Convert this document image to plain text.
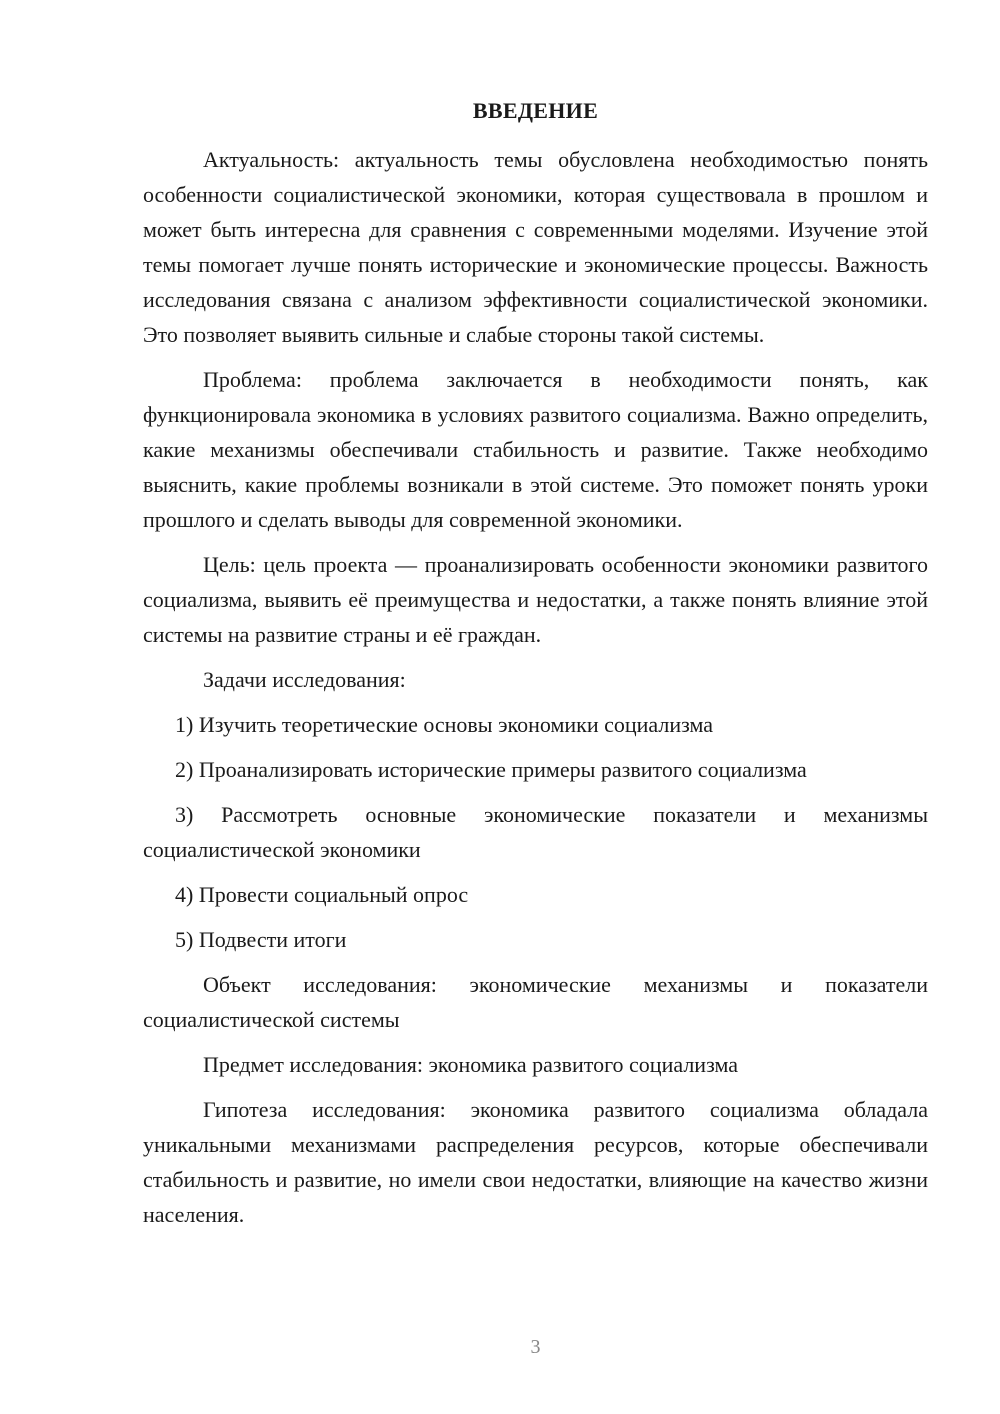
ВВЕДЕНИЕ

Актуальность: актуальность темы обусловлена необходимостью понять особенности социалистической экономики, которая существовала в прошлом и может быть интересна для сравнения с современными моделями. Изучение этой темы помогает лучше понять исторические и экономические процессы. Важность исследования связана с анализом эффективности социалистической экономики. Это позволяет выявить сильные и слабые стороны такой системы.

Проблема: проблема заключается в необходимости понять, как функционировала экономика в условиях развитого социализма. Важно определить, какие механизмы обеспечивали стабильность и развитие. Также необходимо выяснить, какие проблемы возникали в этой системе. Это поможет понять уроки прошлого и сделать выводы для современной экономики.

Цель: цель проекта — проанализировать особенности экономики развитого социализма, выявить её преимущества и недостатки, а также понять влияние этой системы на развитие страны и её граждан.

Задачи исследования:

1) Изучить теоретические основы экономики социализма

2) Проанализировать исторические примеры развитого социализма

3) Рассмотреть основные экономические показатели и механизмы социалистической экономики

4) Провести социальный опрос

5) Подвести итоги

Объект исследования: экономические механизмы и показатели социалистической системы

Предмет исследования: экономика развитого социализма

Гипотеза исследования: экономика развитого социализма обладала уникальными механизмами распределения ресурсов, которые обеспечивали стабильность и развитие, но имели свои недостатки, влияющие на качество жизни населения.

3
